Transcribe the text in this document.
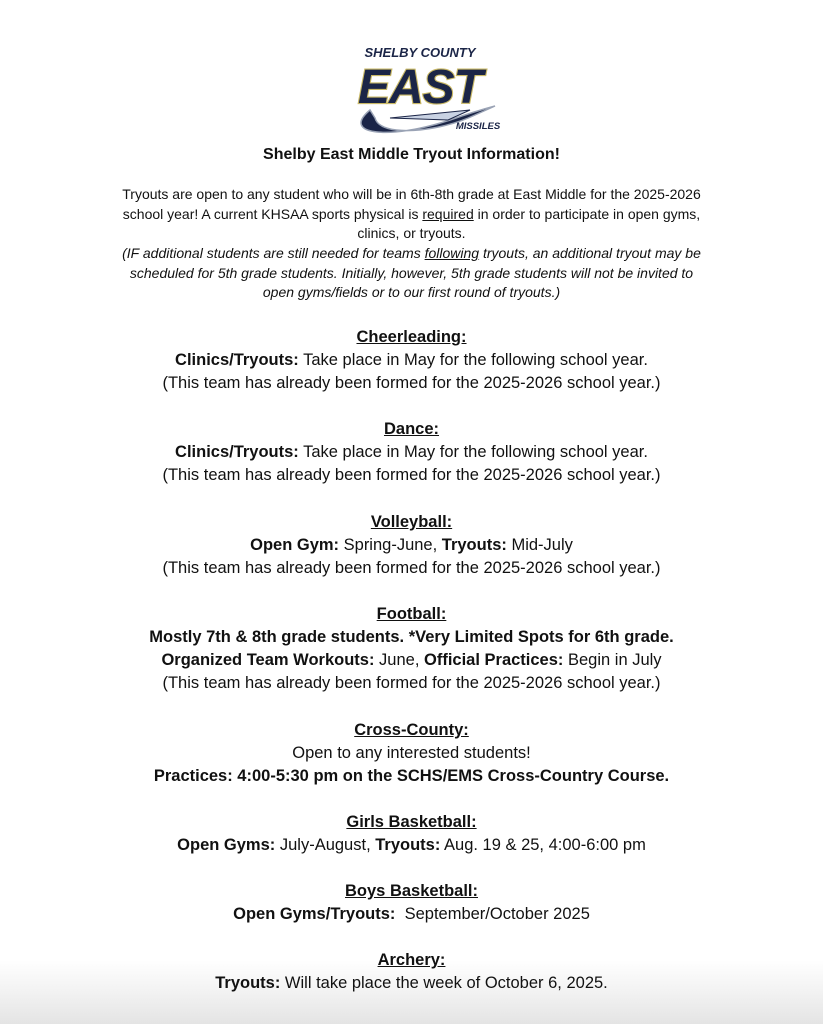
SHELBY COUNTY
EAST
MISSILES
Shelby East Middle Tryout Information!
Tryouts are open to any student who will be in 6th-8th grade at East Middle for the 2025-2026
school year! A current KHSAA sports physical is required in order to participate in open gyms,
clinics, or tryouts.
(IF additional students are still needed for teams following tryouts, an additional tryout may be
scheduled for 5th grade students. Initially, however, 5th grade students will not be invited to
open gyms/fields or to our first round of tryouts.)
Cheerleading:
Clinics/Tryouts: Take place in May for the following school year.
(This team has already been formed for the 2025-2026 school year.)
Dance:
Clinics/Tryouts: Take place in May for the following school year.
(This team has already been formed for the 2025-2026 school year.)
Volleyball:
Open Gym: Spring-June, Tryouts: Mid-July
(This team has already been formed for the 2025-2026 school year.)
Football:
Mostly 7th & 8th grade students. *Very Limited Spots for 6th grade.
Organized Team Workouts: June, Official Practices: Begin in July
(This team has already been formed for the 2025-2026 school year.)
Cross-County:
Open to any interested students!
Practices: 4:00-5:30 pm on the SCHS/EMS Cross-Country Course.
Girls Basketball:
Open Gyms: July-August, Tryouts: Aug. 19 & 25, 4:00-6:00 pm
Boys Basketball:
Open Gyms/Tryouts:  September/October 2025
Archery:
Tryouts: Will take place the week of October 6, 2025.
